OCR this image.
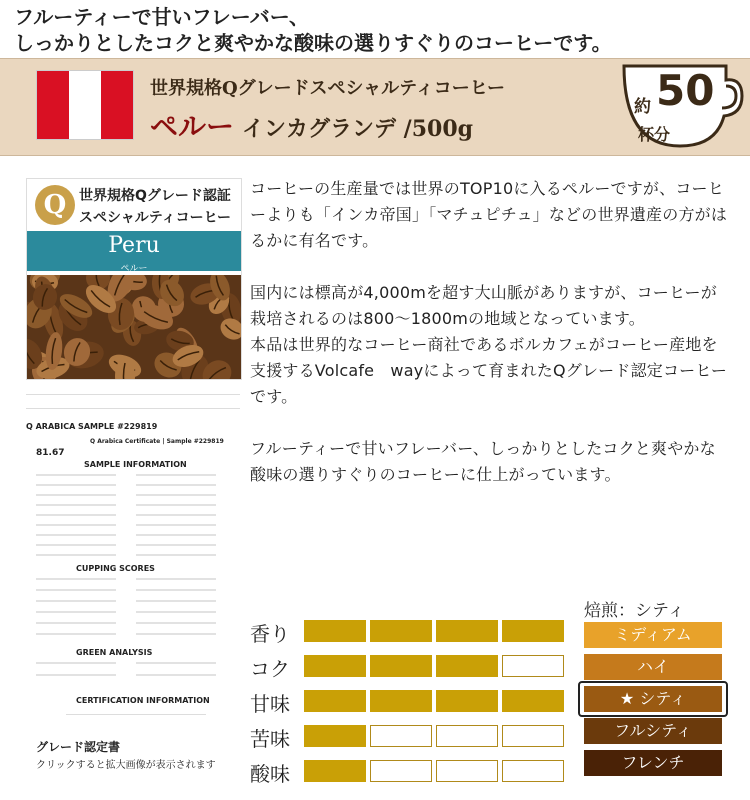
フルーティーで甘いフレーバー、
しっかりとしたコクと爽やかな酸味の選りすぐりのコーヒーです。
世界規格Qグレードスペシャルティコーヒー
ペルー インカグランデ /500g
約 50
杯分
Q 世界規格Qグレード認証
スペシャルティコーヒー
Peru
ペルー
Q ARABICA SAMPLE #229819
81.67
Q Arabica Certificate | Sample #229819
SAMPLE INFORMATION
CUPPING SCORES
GREEN ANALYSIS
CERTIFICATION INFORMATION
グレード認定書
クリックすると拡大画像が表示されます

コーヒーの生産量では世界のTOP10に入るペルーですが、コーヒーよりも「インカ帝国」「マチュピチュ」などの世界遺産の方がはるかに有名です。

国内には標高が4,000mを超す大山脈がありますが、コーヒーが栽培されるのは800～1800mの地域となっています。

本品は世界的なコーヒー商社であるボルカフェがコーヒー産地を支援するVolcafe　wayによって育まれたQグレード認定コーヒーです。

フルーティーで甘いフレーバー、しっかりとしたコクと爽やかな酸味の選りすぐりのコーヒーに仕上がっています。

香り
コク
甘味
苦味
酸味
焙煎：シティ
ミディアム
ハイ
★ シティ
フルシティ
フレンチ
